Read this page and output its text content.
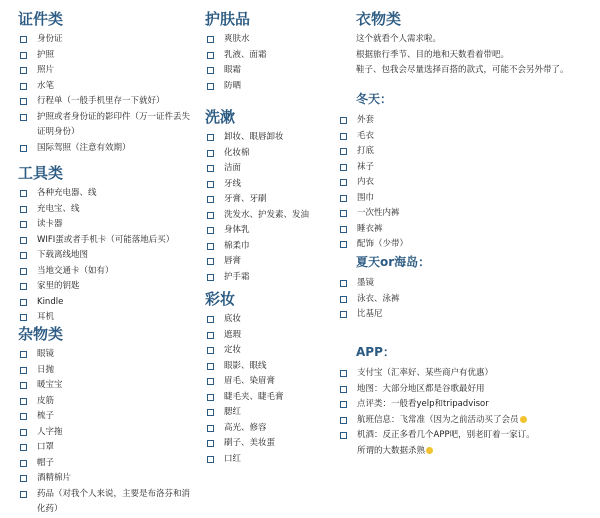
证件类
身份证
护照
照片
水笔
行程单（一般手机里存一下就好）
护照或者身份证的影印件（万一证件丢失证明身份）
国际驾照（注意有效期）
工具类
各种充电器、线
充电宝、线
读卡器
WIFI蛋或者手机卡（可能落地后买）
下载离线地图
当地交通卡（如有）
家里的钥匙
Kindle
耳机
杂物类
眼镜
日抛
暖宝宝
皮筋
梳子
人字拖
口罩
帽子
酒精棉片
药品（对我个人来说，主要是布洛芬和消化药）
护肤品
爽肤水
乳液、面霜
眼霜
防晒
洗漱
卸妆、眼唇卸妆
化妆棉
洁面
牙线
牙膏、牙刷
洗发水、护发素、发油
身体乳
棉柔巾
唇膏
护手霜
彩妆
底妆
遮瑕
定妆
眼影、眼线
眉毛、染眉膏
睫毛夹、睫毛膏
腮红
高光、修容
刷子、美妆蛋
口红
衣物类

这个就看个人需求啦。

根据旅行季节、目的地和天数看着带吧。

鞋子、包我会尽量选择百搭的款式，可能不会另外带了。

冬天：
外套
毛衣
打底
袜子
内衣
围巾
一次性内裤
睡衣裤
配饰（少带）
夏天or海岛：
墨镜
泳衣、泳裤
比基尼
APP：
支付宝（汇率好、某些商户有优惠）
地图：大部分地区都是谷歌最好用
点评类：一般看yelp和tripadvisor
航班信息：飞常准（因为之前活动买了会员
机酒：反正多看几个APP吧，别老盯着一家订。

所谓的大数据杀熟
